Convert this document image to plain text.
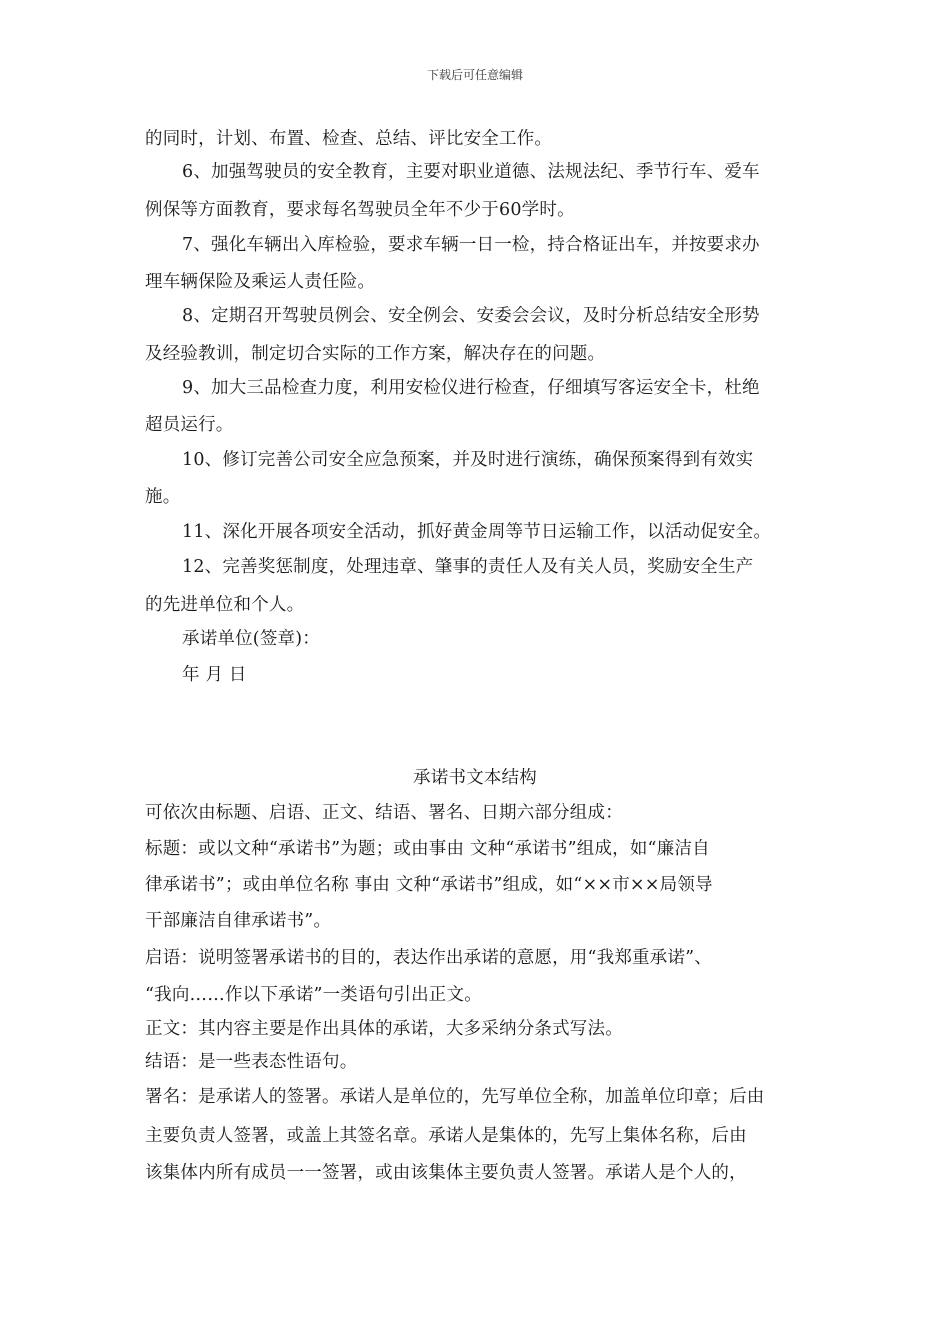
下载后可任意编辑
的同时，计划、布置、检查、总结、评比安全工作。
6、加强驾驶员的安全教育，主要对职业道德、法规法纪、季节行车、爱车
例保等方面教育，要求每名驾驶员全年不少于60学时。
7、强化车辆出入库检验，要求车辆一日一检，持合格证出车，并按要求办
理车辆保险及乘运人责任险。
8、定期召开驾驶员例会、安全例会、安委会会议，及时分析总结安全形势
及经验教训，制定切合实际的工作方案，解决存在的问题。
9、加大三品检查力度，利用安检仪进行检查，仔细填写客运安全卡，杜绝
超员运行。
10、修订完善公司安全应急预案，并及时进行演练，确保预案得到有效实
施。
11、深化开展各项安全活动，抓好黄金周等节日运输工作，以活动促安全。
12、完善奖惩制度，处理违章、肇事的责任人及有关人员，奖励安全生产
的先进单位和个人。
承诺单位(签章)：
年 月 日
承诺书文本结构
可依次由标题、启语、正文、结语、署名、日期六部分组成：
标题：或以文种“承诺书”为题；或由事由 文种“承诺书”组成，如“廉洁自
律承诺书”；或由单位名称 事由 文种“承诺书”组成，如“××市××局领导
干部廉洁自律承诺书”。
启语：说明签署承诺书的目的，表达作出承诺的意愿，用“我郑重承诺”、
“我向……作以下承诺”一类语句引出正文。
正文：其内容主要是作出具体的承诺，大多采纳分条式写法。
结语：是一些表态性语句。
署名：是承诺人的签署。承诺人是单位的，先写单位全称，加盖单位印章；后由
主要负责人签署，或盖上其签名章。承诺人是集体的，先写上集体名称，后由
该集体内所有成员一一签署，或由该集体主要负责人签署。承诺人是个人的，
